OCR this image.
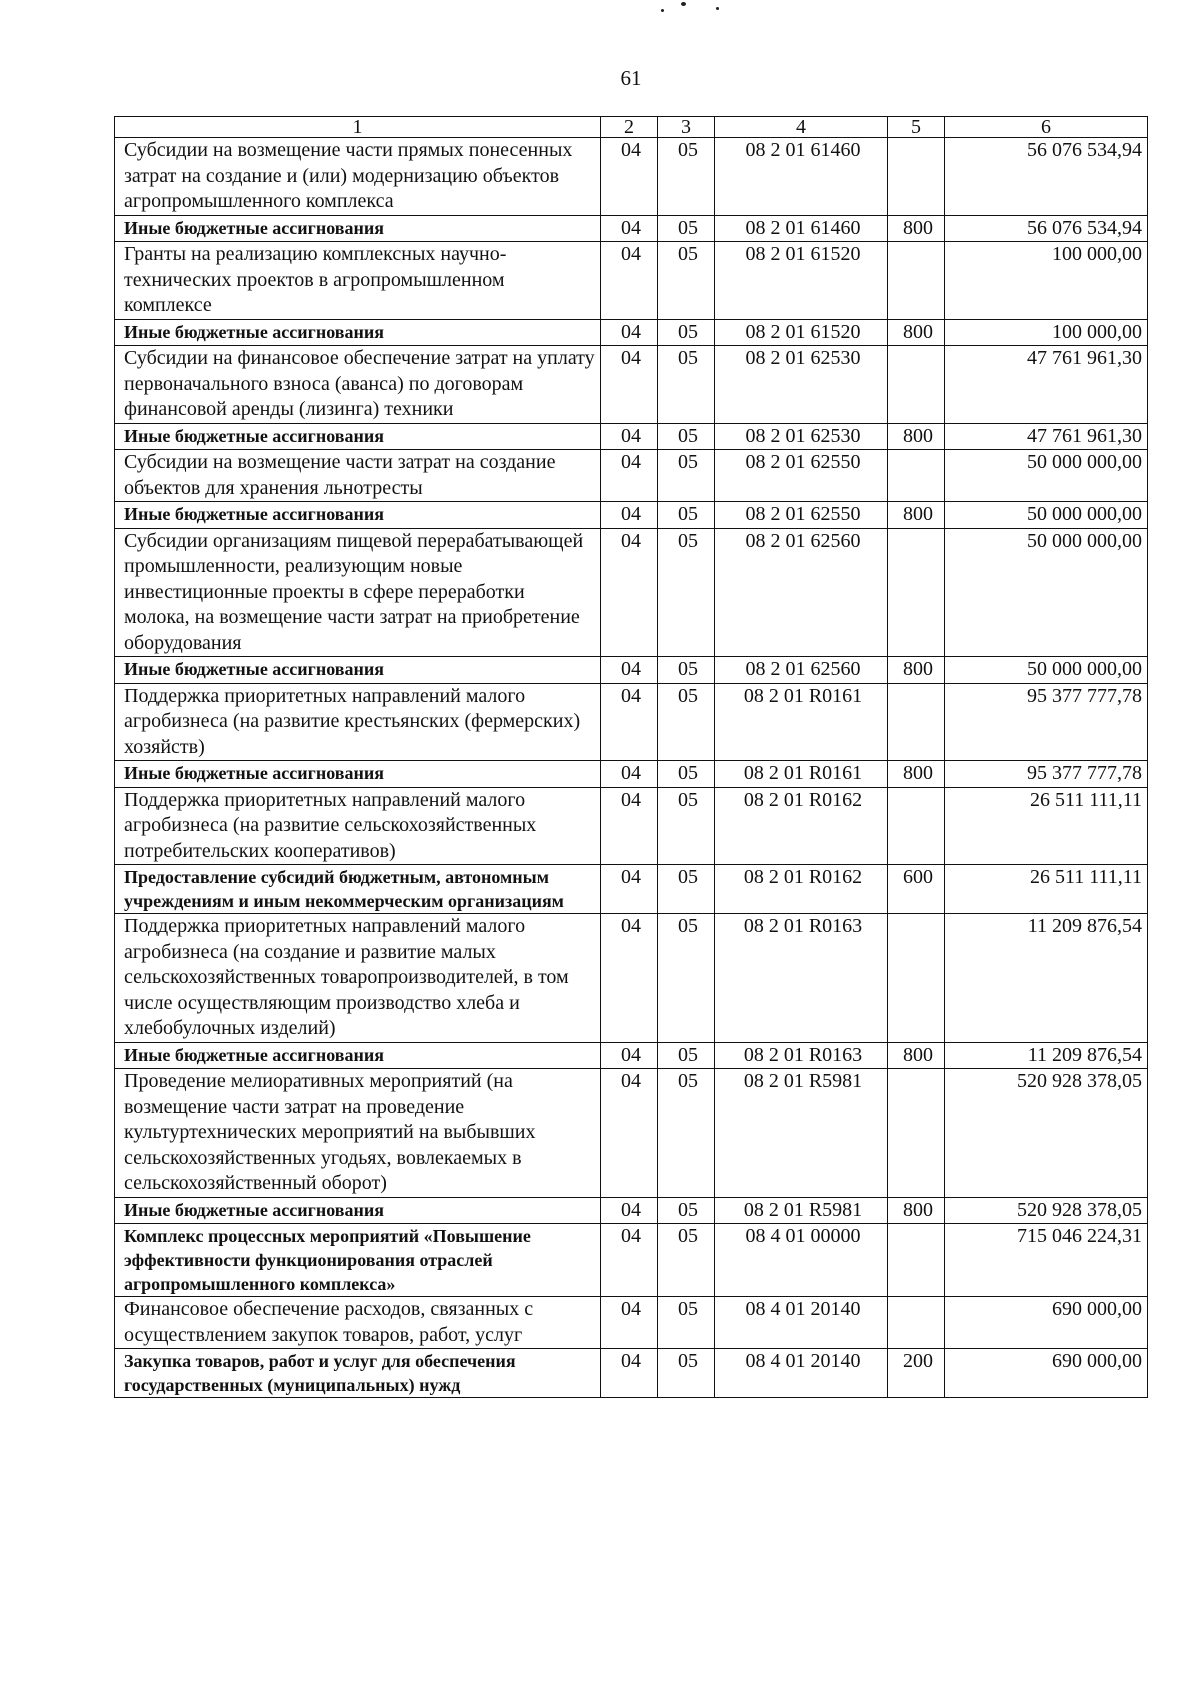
61
1	2	3	4	5	6
Субсидии на возмещение части прямых понесенных затрат на создание и (или) модернизацию объектов агропромышленного комплекса	04	05	08 2 01 61460		56 076 534,94
Иные бюджетные ассигнования	04	05	08 2 01 61460	800	56 076 534,94
Гранты на реализацию комплексных научно-технических проектов в агропромышленном комплексе	04	05	08 2 01 61520		100 000,00
Иные бюджетные ассигнования	04	05	08 2 01 61520	800	100 000,00
Субсидии на финансовое обеспечение затрат на уплату первоначального взноса (аванса) по договорам финансовой аренды (лизинга) техники	04	05	08 2 01 62530		47 761 961,30
Иные бюджетные ассигнования	04	05	08 2 01 62530	800	47 761 961,30
Субсидии на возмещение части затрат на создание объектов для хранения льнотресты	04	05	08 2 01 62550		50 000 000,00
Иные бюджетные ассигнования	04	05	08 2 01 62550	800	50 000 000,00
Субсидии организациям пищевой перерабатывающей промышленности, реализующим новые инвестиционные проекты в сфере переработки молока, на возмещение части затрат на приобретение оборудования	04	05	08 2 01 62560		50 000 000,00
Иные бюджетные ассигнования	04	05	08 2 01 62560	800	50 000 000,00
Поддержка приоритетных направлений малого агробизнеса (на развитие крестьянских (фермерских) хозяйств)	04	05	08 2 01 R0161		95 377 777,78
Иные бюджетные ассигнования	04	05	08 2 01 R0161	800	95 377 777,78
Поддержка приоритетных направлений малого агробизнеса (на развитие сельскохозяйственных потребительских кооперативов)	04	05	08 2 01 R0162		26 511 111,11
Предоставление субсидий бюджетным, автономным учреждениям и иным некоммерческим организациям	04	05	08 2 01 R0162	600	26 511 111,11
Поддержка приоритетных направлений малого агробизнеса (на создание и развитие малых сельскохозяйственных товаропроизводителей, в том числе осуществляющим производство хлеба и хлебобулочных изделий)	04	05	08 2 01 R0163		11 209 876,54
Иные бюджетные ассигнования	04	05	08 2 01 R0163	800	11 209 876,54
Проведение мелиоративных мероприятий (на возмещение части затрат на проведение культуртехнических мероприятий на выбывших сельскохозяйственных угодьях, вовлекаемых в сельскохозяйственный оборот)	04	05	08 2 01 R5981		520 928 378,05
Иные бюджетные ассигнования	04	05	08 2 01 R5981	800	520 928 378,05
Комплекс процессных мероприятий «Повышение эффективности функционирования отраслей агропромышленного комплекса»	04	05	08 4 01 00000		715 046 224,31
Финансовое обеспечение расходов, связанных с осуществлением закупок товаров, работ, услуг	04	05	08 4 01 20140		690 000,00
Закупка товаров, работ и услуг для обеспечения государственных (муниципальных) нужд	04	05	08 4 01 20140	200	690 000,00
